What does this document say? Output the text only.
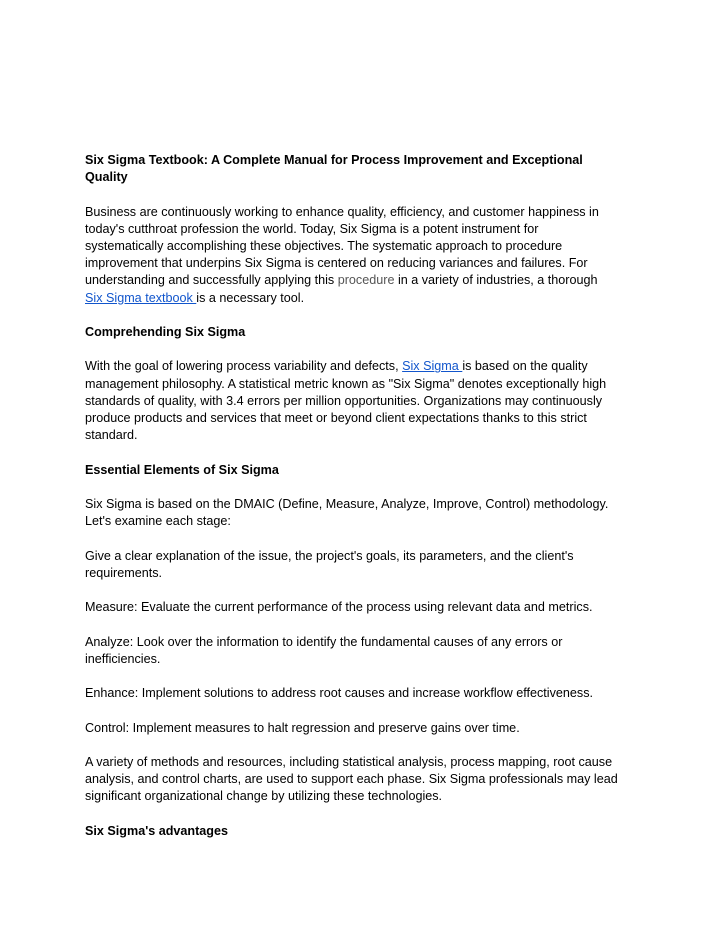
Six Sigma Textbook: A Complete Manual for Process Improvement and Exceptional
Quality

Business are continuously working to enhance quality, efficiency, and customer happiness in
today's cutthroat profession the world. Today, Six Sigma is a potent instrument for
systematically accomplishing these objectives. The systematic approach to procedure
improvement that underpins Six Sigma is centered on reducing variances and failures. For
understanding and successfully applying this procedure in a variety of industries, a thorough
Six Sigma textbook is a necessary tool.

Comprehending Six Sigma

With the goal of lowering process variability and defects, Six Sigma is based on the quality
management philosophy. A statistical metric known as "Six Sigma" denotes exceptionally high
standards of quality, with 3.4 errors per million opportunities. Organizations may continuously
produce products and services that meet or beyond client expectations thanks to this strict
standard.

Essential Elements of Six Sigma

Six Sigma is based on the DMAIC (Define, Measure, Analyze, Improve, Control) methodology.
Let's examine each stage:

Give a clear explanation of the issue, the project's goals, its parameters, and the client's
requirements.

Measure: Evaluate the current performance of the process using relevant data and metrics.

Analyze: Look over the information to identify the fundamental causes of any errors or
inefficiencies.

Enhance: Implement solutions to address root causes and increase workflow effectiveness.

Control: Implement measures to halt regression and preserve gains over time.

A variety of methods and resources, including statistical analysis, process mapping, root cause
analysis, and control charts, are used to support each phase. Six Sigma professionals may lead
significant organizational change by utilizing these technologies.

Six Sigma's advantages
